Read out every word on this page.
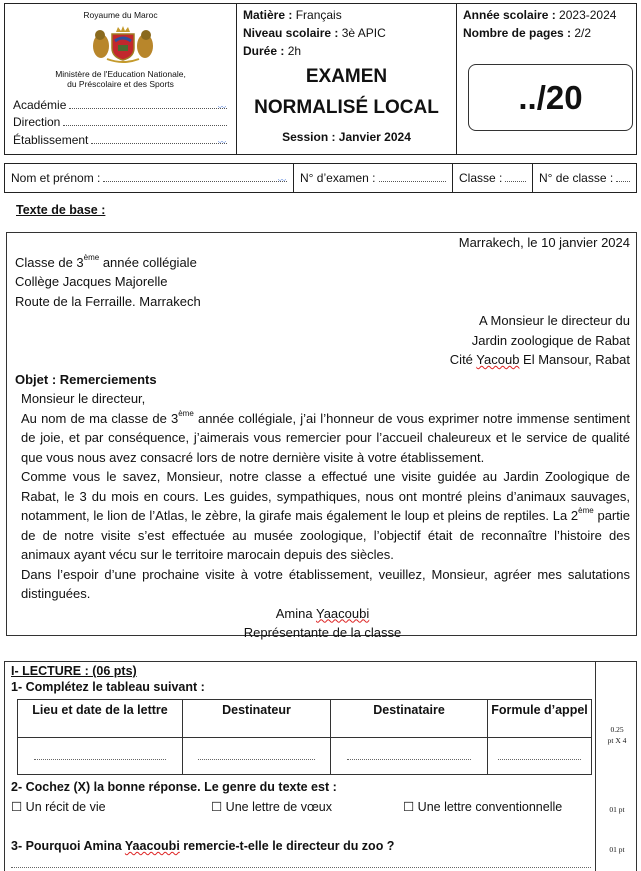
Royaume du Maroc
Ministère de l'Education Nationale,
du Préscolaire et des Sports
Académie	〰
Direction
Établissement	〰
Matière : Français
Niveau scolaire : 3è APIC
Durée : 2h
EXAMEN
NORMALISÉ LOCAL
Session : Janvier 2024
Année scolaire : 2023-2024
Nombre de pages : 2/2
../20
Nom et prénom :	〰 N° d’examen :	Classe :	N° de classe :
Texte de base :
Marrakech, le 10 janvier 2024
Classe de 3ème année collégiale
Collège Jacques Majorelle
Route de la Ferraille. Marrakech
A Monsieur le directeur du
Jardin zoologique de Rabat
Cité Yacoub El Mansour, Rabat
Objet : Remerciements
Monsieur le directeur,
Au nom de ma classe de 3ème année collégiale, j’ai l’honneur de vous exprimer notre immense sentiment de joie, et par conséquence, j’aimerais vous remercier pour l’accueil chaleureux et le service de qualité que vous nous avez consacré lors de notre dernière visite à votre établissement.
Comme vous le savez, Monsieur, notre classe a effectué une visite guidée au Jardin Zoologique de Rabat, le 3 du mois en cours. Les guides, sympathiques, nous ont montré pleins d’animaux sauvages, notamment, le lion de l’Atlas, le zèbre, la girafe mais également le loup et pleins de reptiles. La 2ème partie de de notre visite s’est effectuée au musée zoologique, l’objectif était de reconnaître l’histoire des animaux ayant vécu sur le territoire marocain depuis des siècles.
Dans l’espoir d’une prochaine visite à votre établissement, veuillez, Monsieur, agréer mes salutations distinguées.
Amina Yaacoubi
Représentante de la classe
I- LECTURE : (06 pts)
1- Complétez le tableau suivant :
Lieu et date de la lettre	Destinateur	Destinataire	Formule d’appel

2- Cochez (X) la bonne réponse. Le genre du texte est :
☐ Un récit de vie	☐ Une lettre de vœux	☐ Une lettre conventionnelle
3- Pourquoi Amina Yaacoubi remercie-t-elle le directeur du zoo ?
0.25
pt X 4
01 pt
01 pt
